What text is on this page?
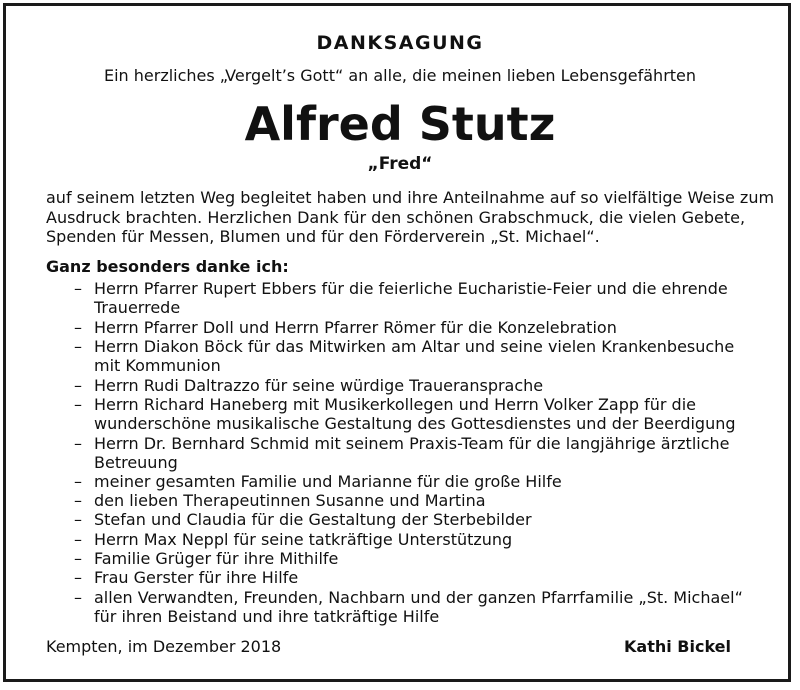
DANKSAGUNG
Ein herzliches „Vergelt’s Gott“ an alle, die meinen lieben Lebensgefährten
Alfred Stutz
„Fred“
auf seinem letzten Weg begleitet haben und ihre Anteilnahme auf so vielfältige Weise zum
Ausdruck brachten. Herzlichen Dank für den schönen Grabschmuck, die vielen Gebete,
Spenden für Messen, Blumen und für den Förderverein „St. Michael“.
Ganz besonders danke ich:
– Herrn Pfarrer Rupert Ebbers für die feierliche Eucharistie-Feier und die ehrende
Trauerrede
– Herrn Pfarrer Doll und Herrn Pfarrer Römer für die Konzelebration
– Herrn Diakon Böck für das Mitwirken am Altar und seine vielen Krankenbesuche
mit Kommunion
– Herrn Rudi Daltrazzo für seine würdige Traueransprache
– Herrn Richard Haneberg mit Musikerkollegen und Herrn Volker Zapp für die
wunderschöne musikalische Gestaltung des Gottesdienstes und der Beerdigung
– Herrn Dr. Bernhard Schmid mit seinem Praxis-Team für die langjährige ärztliche
Betreuung
– meiner gesamten Familie und Marianne für die große Hilfe
– den lieben Therapeutinnen Susanne und Martina
– Stefan und Claudia für die Gestaltung der Sterbebilder
– Herrn Max Neppl für seine tatkräftige Unterstützung
– Familie Grüger für ihre Mithilfe
– Frau Gerster für ihre Hilfe
– allen Verwandten, Freunden, Nachbarn und der ganzen Pfarrfamilie „St. Michael“
für ihren Beistand und ihre tatkräftige Hilfe
Kempten, im Dezember 2018	Kathi Bickel
